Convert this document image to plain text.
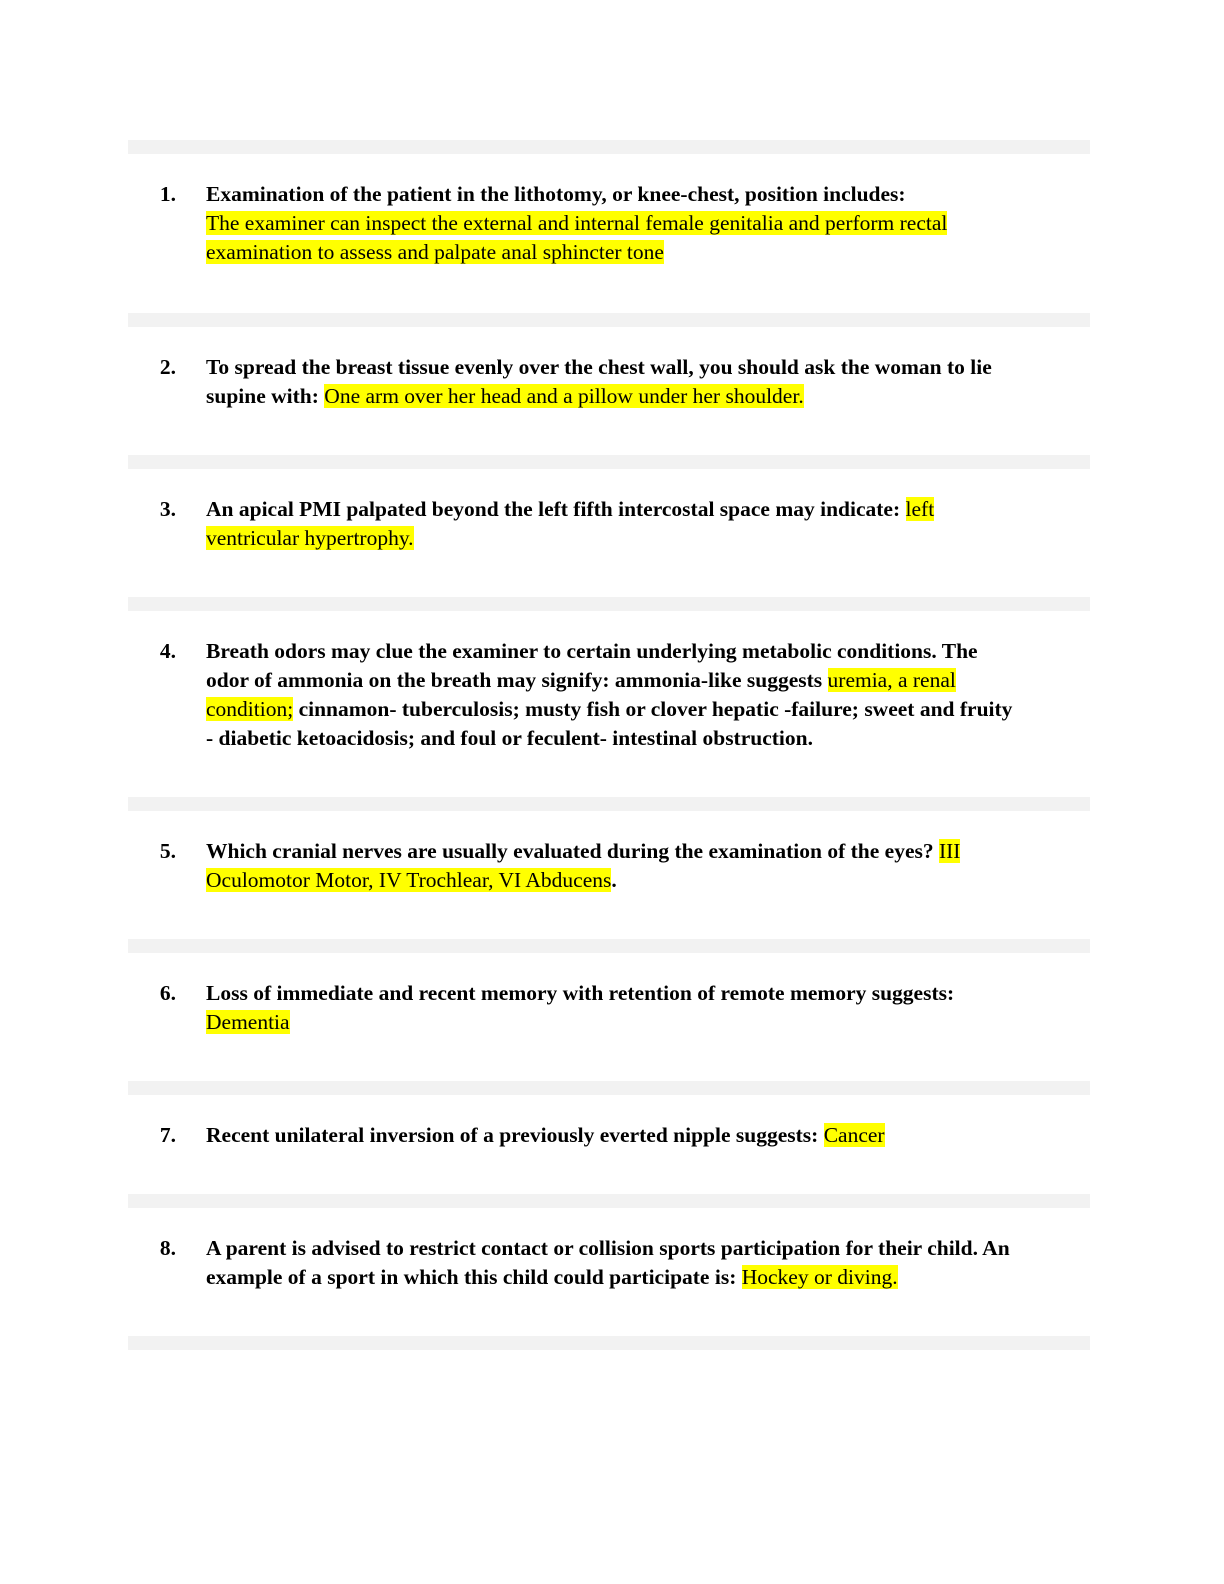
1.	Examination of the patient in the lithotomy, or knee-chest, position includes:
The examiner can inspect the external and internal female genitalia and perform rectal examination to assess and palpate anal sphincter tone
2.	To spread the breast tissue evenly over the chest wall, you should ask the woman to lie supine with: One arm over her head and a pillow under her shoulder.
3.	An apical PMI palpated beyond the left fifth intercostal space may indicate: left ventricular hypertrophy.
4.	Breath odors may clue the examiner to certain underlying metabolic conditions. The odor of ammonia on the breath may signify: ammonia-like suggests uremia, a renal condition; cinnamon- tuberculosis; musty fish or clover hepatic -failure; sweet and fruity - diabetic ketoacidosis; and foul or feculent- intestinal obstruction.
5.	Which cranial nerves are usually evaluated during the examination of the eyes? III Oculomotor Motor, IV Trochlear, VI Abducens.
6.	Loss of immediate and recent memory with retention of remote memory suggests:
Dementia
7.	Recent unilateral inversion of a previously everted nipple suggests: Cancer
8.	A parent is advised to restrict contact or collision sports participation for their child. An example of a sport in which this child could participate is: Hockey or diving.
